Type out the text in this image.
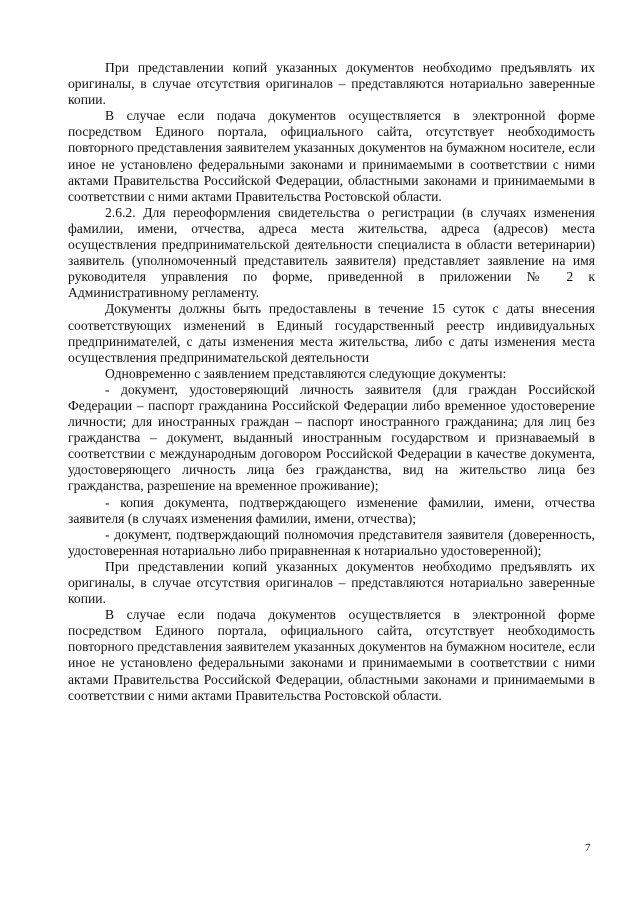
При представлении копий указанных документов необходимо предъявлять их оригиналы, в случае отсутствия оригиналов – представляются нотариально заверенные копии.

В случае если подача документов осуществляется в электронной форме посредством Единого портала, официального сайта, отсутствует необходимость повторного представления заявителем указанных документов на бумажном носителе, если иное не установлено федеральными законами и принимаемыми в соответствии с ними актами Правительства Российской Федерации, областными законами и принимаемыми в соответствии с ними актами Правительства Ростовской области.

2.6.2. Для переоформления свидетельства о регистрации (в случаях изменения фамилии, имени, отчества, адреса места жительства, адреса (адресов) места осуществления предпринимательской деятельности специалиста в области ветеринарии) заявитель (уполномоченный представитель заявителя) представляет заявление на имя руководителя управления по форме, приведенной в приложении № 2 к Административному регламенту.

Документы должны быть предоставлены в течение 15 суток с даты внесения соответствующих изменений в Единый государственный реестр индивидуальных предпринимателей, с даты изменения места жительства, либо с даты изменения места осуществления предпринимательской деятельности

Одновременно с заявлением представляются следующие документы:

- документ, удостоверяющий личность заявителя (для граждан Российской Федерации – паспорт гражданина Российской Федерации либо временное удостоверение личности; для иностранных граждан – паспорт иностранного гражданина; для лиц без гражданства – документ, выданный иностранным государством и признаваемый в соответствии с международным договором Российской Федерации в качестве документа, удостоверяющего личность лица без гражданства, вид на жительство лица без гражданства, разрешение на временное проживание);

- копия документа, подтверждающего изменение фамилии, имени, отчества заявителя (в случаях изменения фамилии, имени, отчества);

- документ, подтверждающий полномочия представителя заявителя (доверенность, удостоверенная нотариально либо приравненная к нотариально удостоверенной);

При представлении копий указанных документов необходимо предъявлять их оригиналы, в случае отсутствия оригиналов – представляются нотариально заверенные копии.

В случае если подача документов осуществляется в электронной форме посредством Единого портала, официального сайта, отсутствует необходимость повторного представления заявителем указанных документов на бумажном носителе, если иное не установлено федеральными законами и принимаемыми в соответствии с ними актами Правительства Российской Федерации, областными законами и принимаемыми в соответствии с ними актами Правительства Ростовской области.

7
